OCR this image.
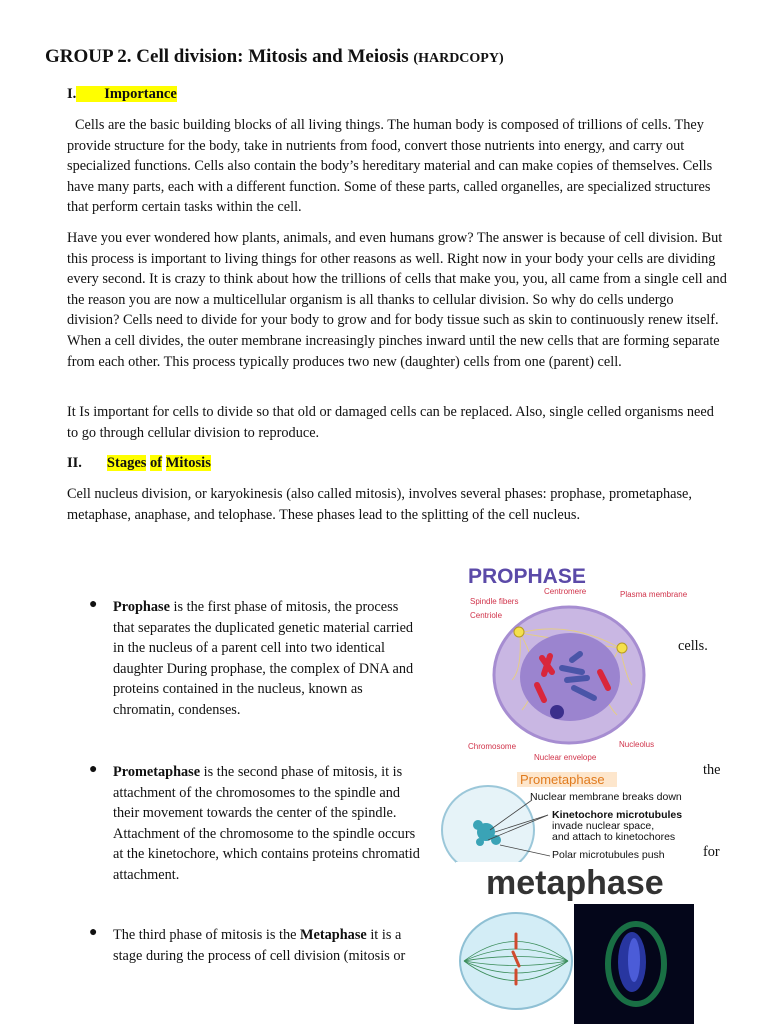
GROUP 2. Cell division: Mitosis and Meiosis (HARDCOPY)
I. Importance
Cells are the basic building blocks of all living things. The human body is composed of trillions of cells. They provide structure for the body, take in nutrients from food, convert those nutrients into energy, and carry out specialized functions. Cells also contain the body’s hereditary material and can make copies of themselves. Cells have many parts, each with a different function. Some of these parts, called organelles, are specialized structures that perform certain tasks within the cell.
Have you ever wondered how plants, animals, and even humans grow? The answer is because of cell division. But this process is important to living things for other reasons as well. Right now in your body your cells are dividing every second. It is crazy to think about how the trillions of cells that make you, you, all came from a single cell and the reason you are now a multicellular organism is all thanks to cellular division. So why do cells undergo division? Cells need to divide for your body to grow and for body tissue such as skin to continuously renew itself. When a cell divides, the outer membrane increasingly pinches inward until the new cells that are forming separate from each other. This process typically produces two new (daughter) cells from one (parent) cell.
It Is important for cells to divide so that old or damaged cells can be replaced. Also, single celled organisms need to go through cellular division to reproduce.
II. Stages of Mitosis
Cell nucleus division, or karyokinesis (also called mitosis), involves several phases: prophase, prometaphase, metaphase, anaphase, and telophase. These phases lead to the splitting of the cell nucleus.
● Prophase is the first phase of mitosis, the process that separates the duplicated genetic material carried in the nucleus of a parent cell into two identical daughter During prophase, the complex of DNA and proteins contained in the nucleus, known as chromatin, condenses.
cells.
● Prometaphase is the second phase of mitosis, it is attachment of the chromosomes to the spindle and their movement towards the center of the spindle. Attachment of the chromosome to the spindle occurs at the kinetochore, which contains proteins chromatid attachment.
the
for
● The third phase of mitosis is the Metaphase it is a stage during the process of cell division (mitosis or
PROPHASE
Centromere	Plasma membrane
Spindle fibers
Centriole
Chromosome
Nuclear envelope
Nucleolus
Prometaphase
Nuclear membrane breaks down
Kinetochore microtubules
invade nuclear space,
and attach to kinetochores
Polar microtubules push
metaphase
